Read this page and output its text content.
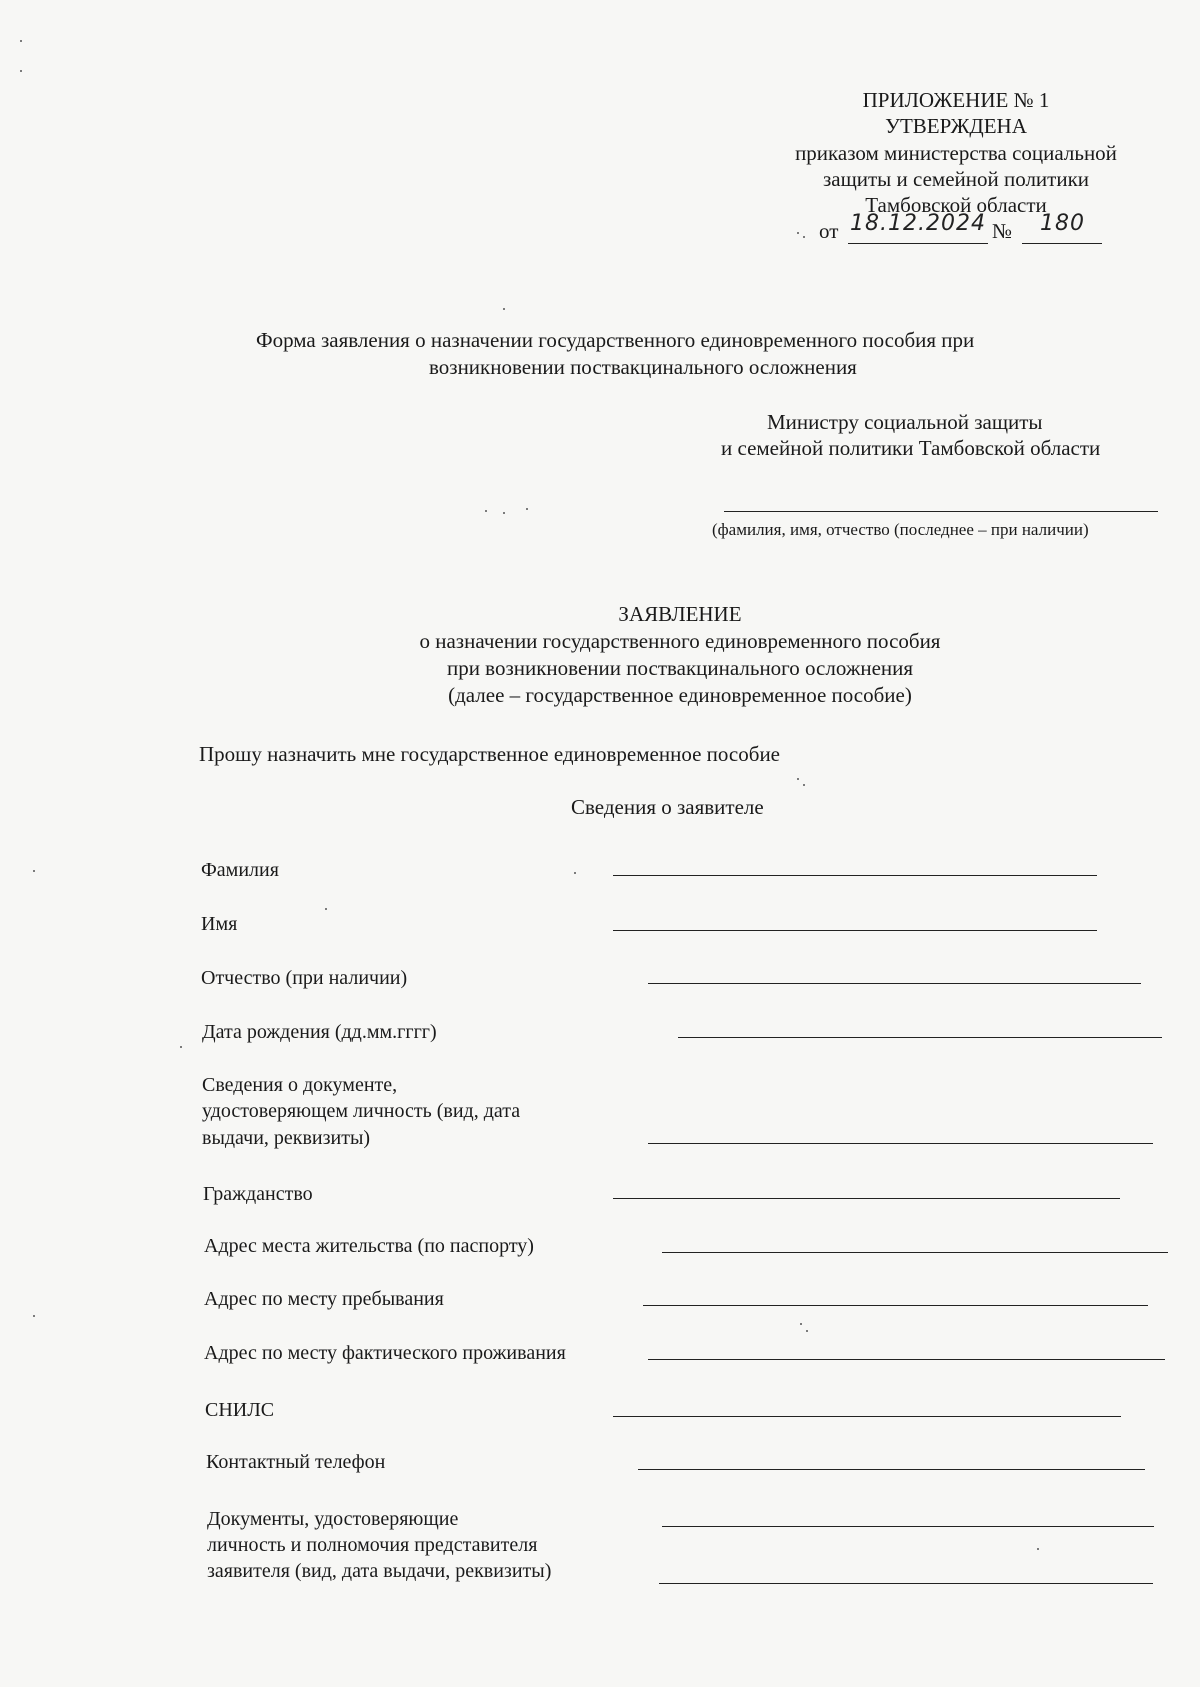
ПРИЛОЖЕНИЕ № 1
УТВЕРЖДЕНА
приказом министерства социальной
защиты и семейной политики
Тамбовской области
от 18.12.2024 № 180
Форма заявления о назначении государственного единовременного пособия при
возникновении поствакцинального осложнения
Министру социальной защиты
и семейной политики Тамбовской области
(фамилия, имя, отчество (последнее – при наличии)
ЗАЯВЛЕНИЕ
о назначении государственного единовременного пособия
при возникновении поствакцинального осложнения
(далее – государственное единовременное пособие)
Прошу назначить мне государственное единовременное пособие
Сведения о заявителе
Фамилия
Имя
Отчество (при наличии)
Дата рождения (дд.мм.гггг)
Сведения о документе,
удостоверяющем личность (вид, дата
выдачи, реквизиты)
Гражданство
Адрес места жительства (по паспорту)
Адрес по месту пребывания
Адрес по месту фактического проживания
СНИЛС
Контактный телефон
Документы, удостоверяющие
личность и полномочия представителя
заявителя (вид, дата выдачи, реквизиты)
